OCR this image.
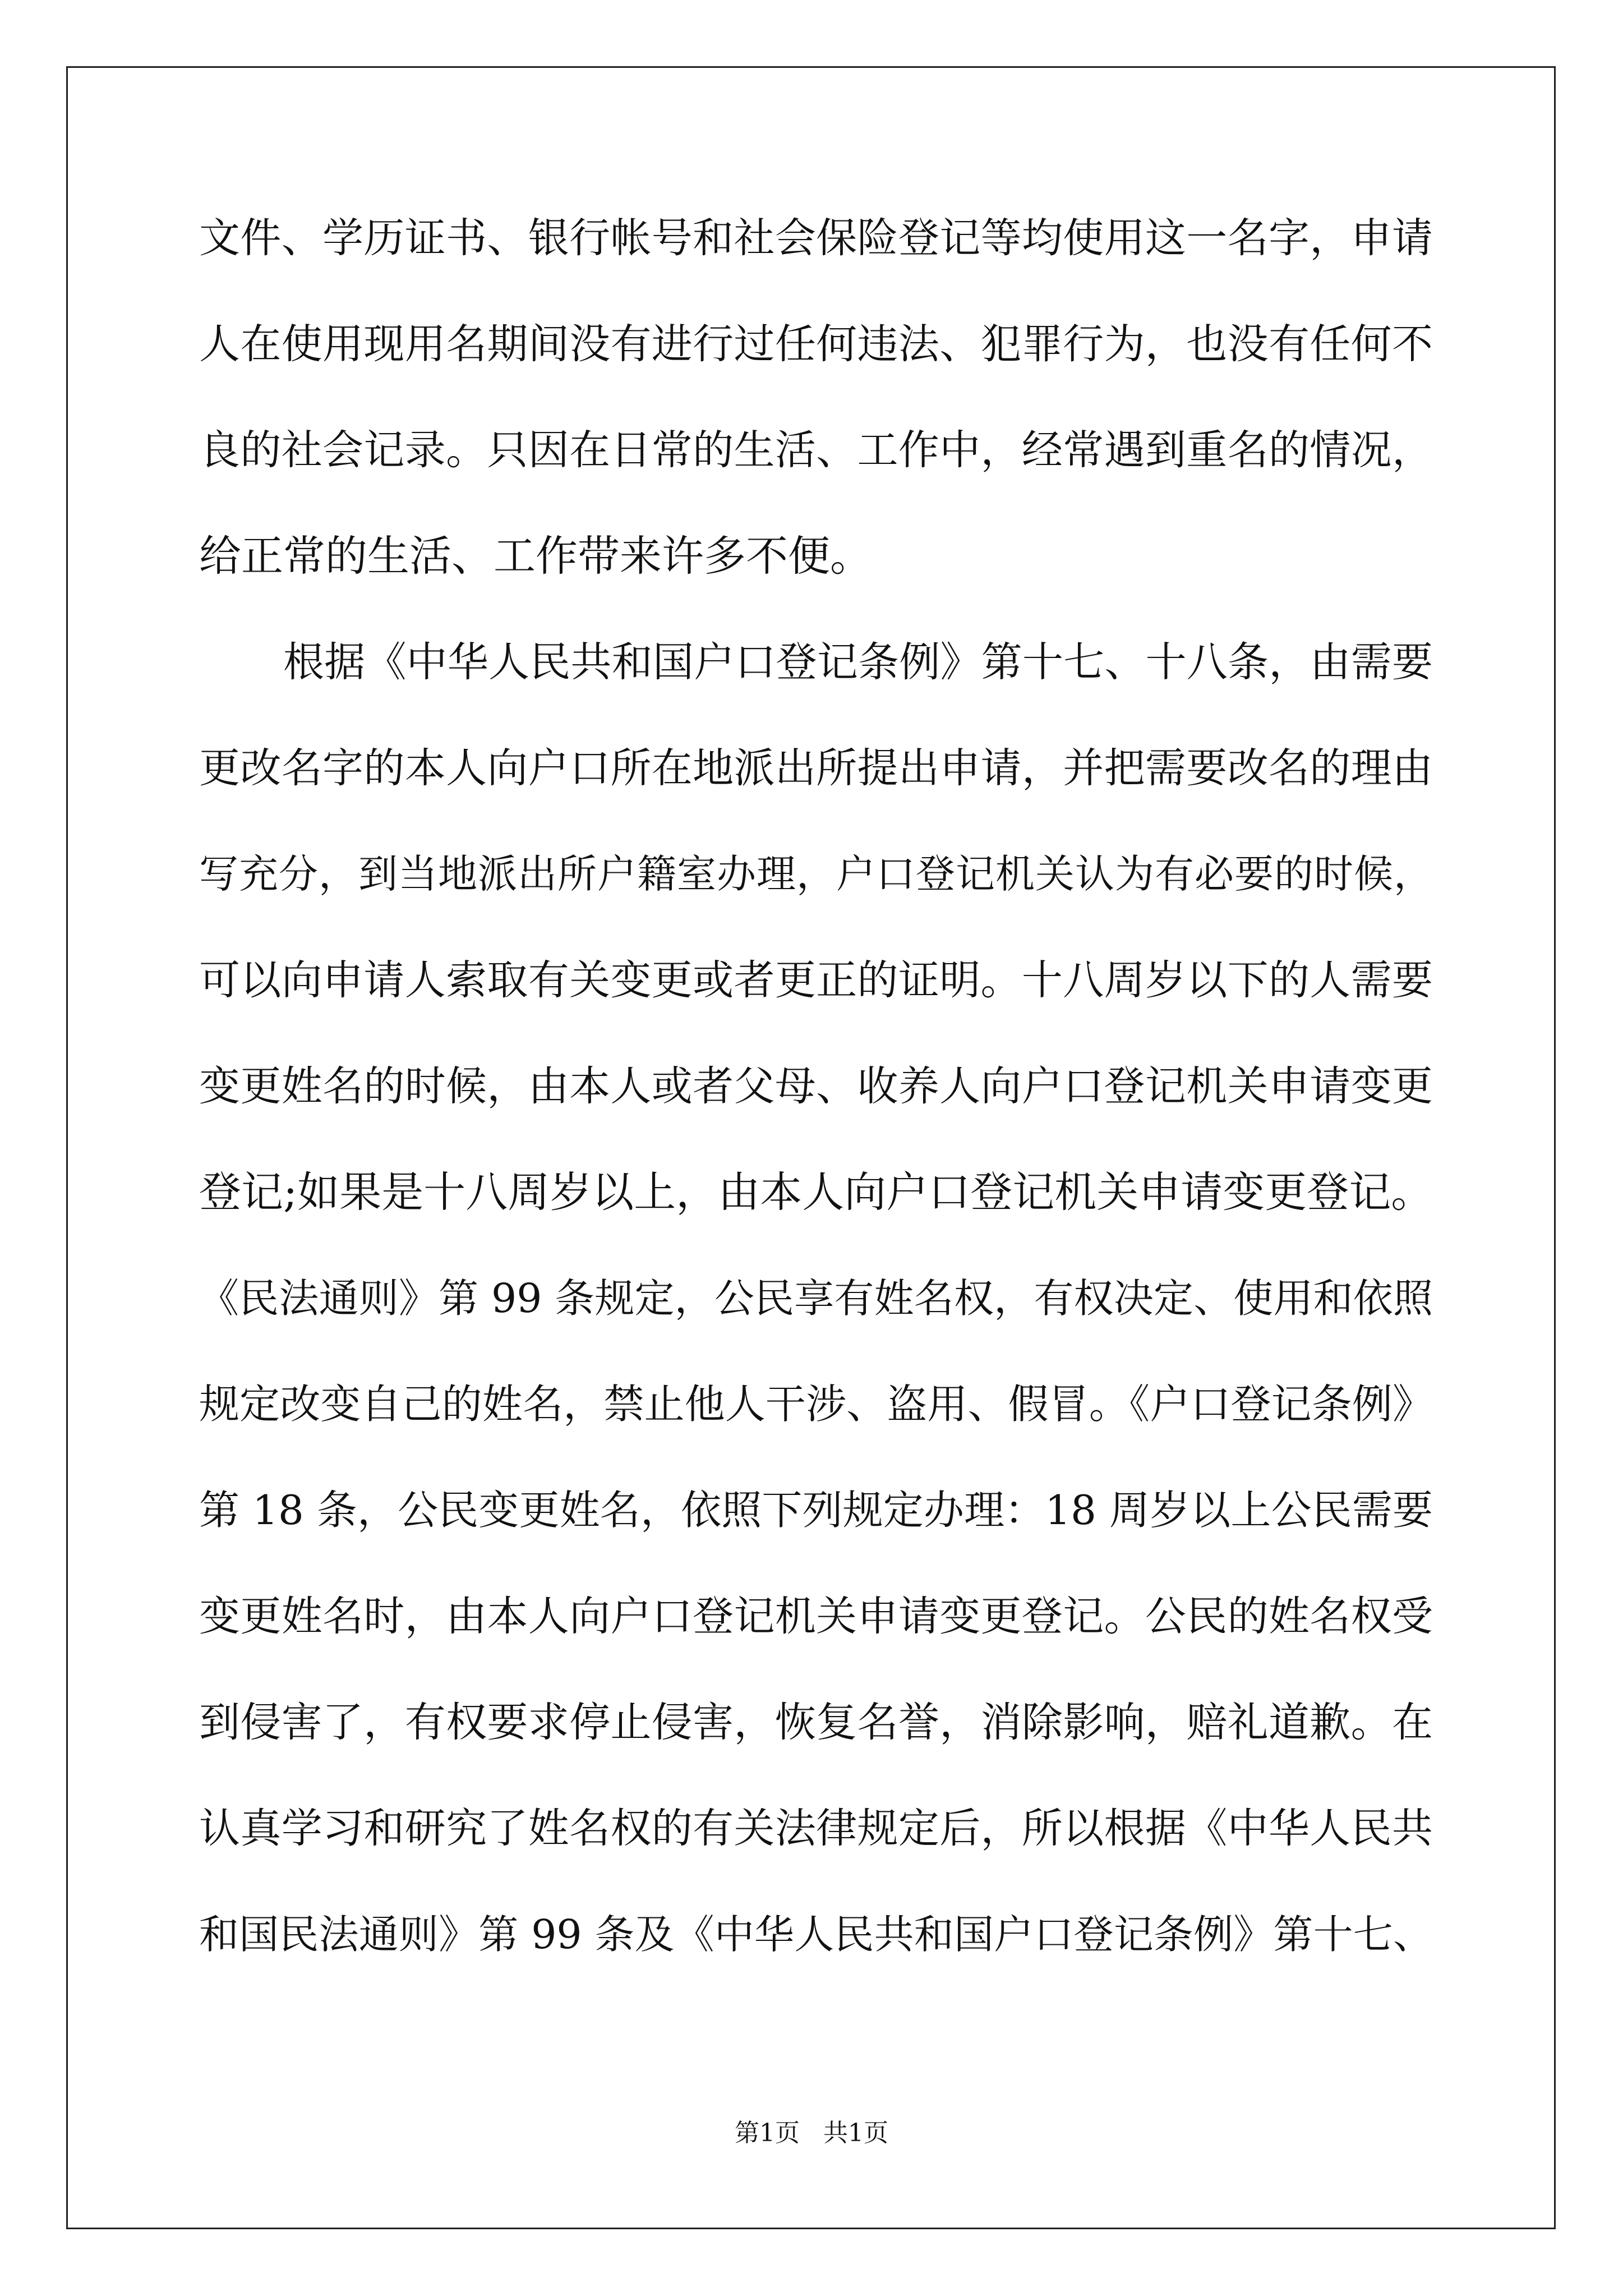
文件、学历证书、银行帐号和社会保险登记等均使用这一名字，申请
人在使用现用名期间没有进行过任何违法、犯罪行为，也没有任何不
良的社会记录。只因在日常的生活、工作中，经常遇到重名的情况，
给正常的生活、工作带来许多不便。
根据《中华人民共和国户口登记条例》第十七、十八条，由需要
更改名字的本人向户口所在地派出所提出申请，并把需要改名的理由
写充分，到当地派出所户籍室办理，户口登记机关认为有必要的时候，
可以向申请人索取有关变更或者更正的证明。十八周岁以下的人需要
变更姓名的时候，由本人或者父母、收养人向户口登记机关申请变更
登记;如果是十八周岁以上，由本人向户口登记机关申请变更登记。
《民法通则》第 99 条规定，公民享有姓名权，有权决定、使用和依照
规定改变自己的姓名，禁止他人干涉、盗用、假冒。《户口登记条例》
第 18 条，公民变更姓名，依照下列规定办理：18 周岁以上公民需要
变更姓名时，由本人向户口登记机关申请变更登记。公民的姓名权受
到侵害了，有权要求停止侵害，恢复名誉，消除影响，赔礼道歉。在
认真学习和研究了姓名权的有关法律规定后，所以根据《中华人民共
和国民法通则》第 99 条及《中华人民共和国户口登记条例》第十七、
第1页   共1页
